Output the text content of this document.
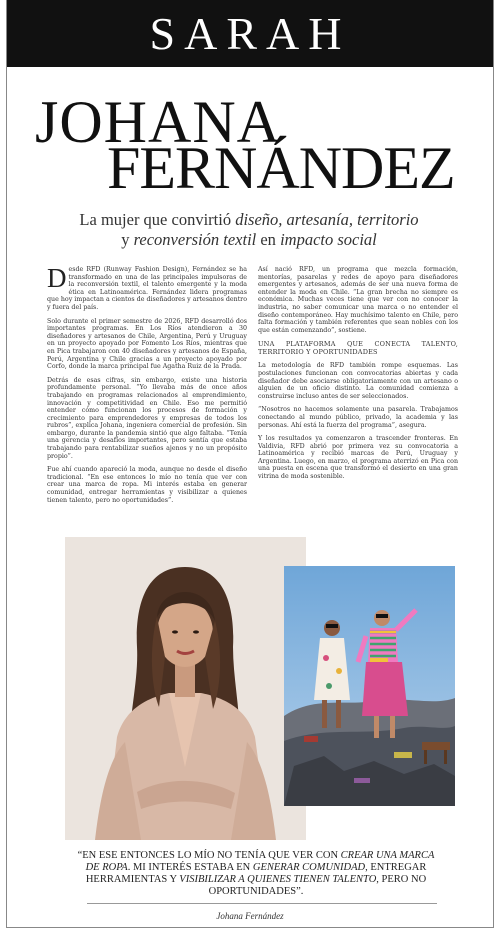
SARAH
JOHANA
FERNÁNDEZ
La mujer que convirtió diseño, artesanía, territorio
y reconversión textil en impacto social

Desde RFD (Runway Fashion Design), Fernández se ha transformado en una de las principales impulsoras de la reconversión textil, el talento emergente y la moda ética en Latinoamérica. Fernández lidera programas que hoy impactan a cientos de diseñadores y artesanos dentro y fuera del país.

Solo durante el primer semestre de 2026, RFD desarrolló dos importantes programas. En Los Ríos atendieron a 30 diseñadores y artesanos de Chile, Argentina, Perú y Uruguay en un proyecto apoyado por Fomento Los Ríos, mientras que en Pica trabajaron con 40 diseñadores y artesanos de España, Perú, Argentina y Chile gracias a un proyecto apoyado por Corfo, donde la marca principal fue Agatha Ruiz de la Prada.

Detrás de esas cifras, sin embargo, existe una historia profundamente personal. “Yo llevaba más de once años trabajando en programas relacionados al emprendimiento, innovación y competitividad en Chile. Eso me permitió entender cómo funcionan los procesos de formación y crecimiento para emprendedores y empresas de todos los rubros”, explica Johana, ingeniera comercial de profesión. Sin embargo, durante la pandemia sintió que algo faltaba. “Tenía una gerencia y desafíos importantes, pero sentía que estaba trabajando para rentabilizar sueños ajenos y no un propósito propio”.

Fue ahí cuando apareció la moda, aunque no desde el diseño tradicional. “En ese entonces lo mío no tenía que ver con crear una marca de ropa. Mi interés estaba en generar comunidad, entregar herramientas y visibilizar a quienes tienen talento, pero no oportunidades”.

Así nació RFD, un programa que mezcla formación, mentorías, pasarelas y redes de apoyo para diseñadores emergentes y artesanos, además de ser una nueva forma de entender la moda en Chile. “La gran brecha no siempre es económica. Muchas veces tiene que ver con no conocer la industria, no saber comunicar una marca o no entender el diseño contemporáneo. Hay muchísimo talento en Chile, pero falta formación y también referentes que sean nobles con los que están comenzando”, sostiene.

UNA PLATAFORMA QUE CONECTA TALENTO, TERRITORIO Y OPORTUNIDADES

La metodología de RFD también rompe esquemas. Las postulaciones funcionan con convocatorias abiertas y cada diseñador debe asociarse obligatoriamente con un artesano o alguien de un oficio distinto. La comunidad comienza a construirse incluso antes de ser seleccionados.

“Nosotros no hacemos solamente una pasarela. Trabajamos conectando al mundo público, privado, la academia y las personas. Ahí está la fuerza del programa”, asegura.

Y los resultados ya comenzaron a trascender fronteras. En Valdivia, RFD abrió por primera vez su convocatoria a Latinoamérica y recibió marcas de Perú, Uruguay y Argentina. Luego, en marzo, el programa aterrizó en Pica con una puesta en escena que transformó el desierto en una gran vitrina de moda sostenible.

“EN ESE ENTONCES LO MÍO NO TENÍA QUE VER CON CREAR UNA MARCA DE ROPA. MI INTERÉS ESTABA EN GENERAR COMUNIDAD, ENTREGAR HERRAMIENTAS Y VISIBILIZAR A QUIENES TIENEN TALENTO, PERO NO OPORTUNIDADES”.
Johana Fernández
